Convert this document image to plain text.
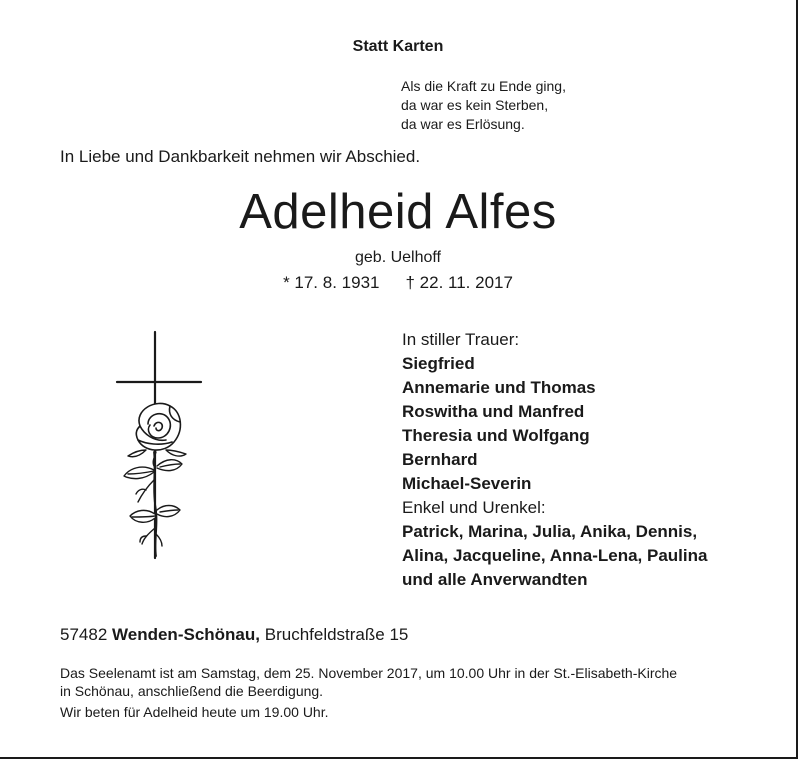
Statt Karten
Als die Kraft zu Ende ging,
da war es kein Sterben,
da war es Erlösung.
In Liebe und Dankbarkeit nehmen wir Abschied.
Adelheid Alfes
geb. Uelhoff
* 17. 8. 1931 † 22. 11. 2017
In stiller Trauer:
Siegfried
Annemarie und Thomas
Roswitha und Manfred
Theresia und Wolfgang
Bernhard
Michael-Severin
Enkel und Urenkel:
Patrick, Marina, Julia, Anika, Dennis,
Alina, Jacqueline, Anna-Lena, Paulina
und alle Anverwandten
57482 Wenden-Schönau, Bruchfeldstraße 15
Das Seelenamt ist am Samstag, dem 25. November 2017, um 10.00 Uhr in der St.-Elisabeth-Kirche
in Schönau, anschließend die Beerdigung.
Wir beten für Adelheid heute um 19.00 Uhr.
